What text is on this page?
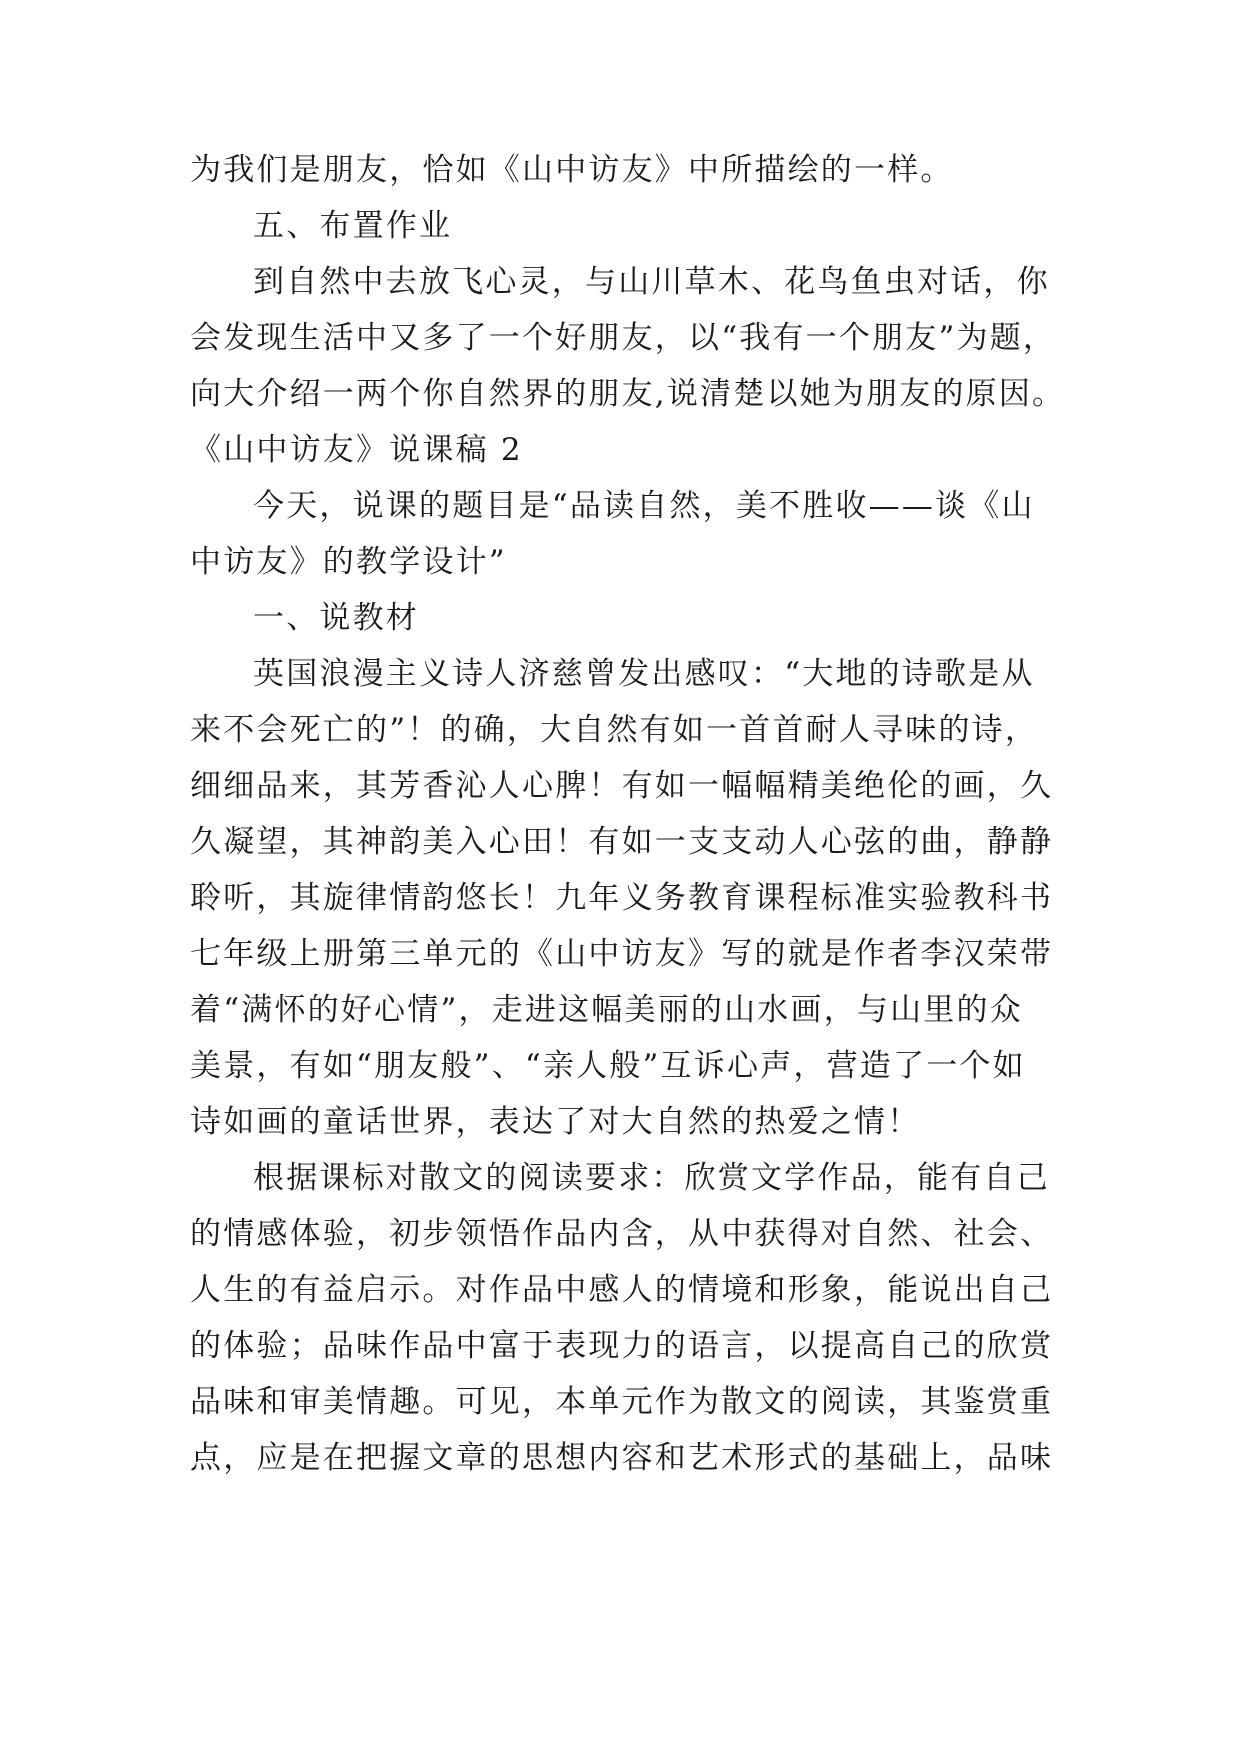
为我们是朋友，恰如《山中访友》中所描绘的一样。
五、布置作业
到自然中去放飞心灵，与山川草木、花鸟鱼虫对话，你
会发现生活中又多了一个好朋友，以“我有一个朋友”为题，
向大介绍一两个你自然界的朋友,说清楚以她为朋友的原因。
《山中访友》说课稿 2
今天，说课的题目是“品读自然，美不胜收——谈《山
中访友》的教学设计”
一、说教材
英国浪漫主义诗人济慈曾发出感叹：“大地的诗歌是从
来不会死亡的”！的确，大自然有如一首首耐人寻味的诗，
细细品来，其芳香沁人心脾！有如一幅幅精美绝伦的画，久
久凝望，其神韵美入心田！有如一支支动人心弦的曲，静静
聆听，其旋律情韵悠长！九年义务教育课程标准实验教科书
七年级上册第三单元的《山中访友》写的就是作者李汉荣带
着“满怀的好心情”，走进这幅美丽的山水画，与山里的众
美景，有如“朋友般”、“亲人般”互诉心声，营造了一个如
诗如画的童话世界，表达了对大自然的热爱之情！
根据课标对散文的阅读要求：欣赏文学作品，能有自己
的情感体验，初步领悟作品内含，从中获得对自然、社会、
人生的有益启示。对作品中感人的情境和形象，能说出自己
的体验；品味作品中富于表现力的语言，以提高自己的欣赏
品味和审美情趣。可见，本单元作为散文的阅读，其鉴赏重
点，应是在把握文章的思想内容和艺术形式的基础上，品味
